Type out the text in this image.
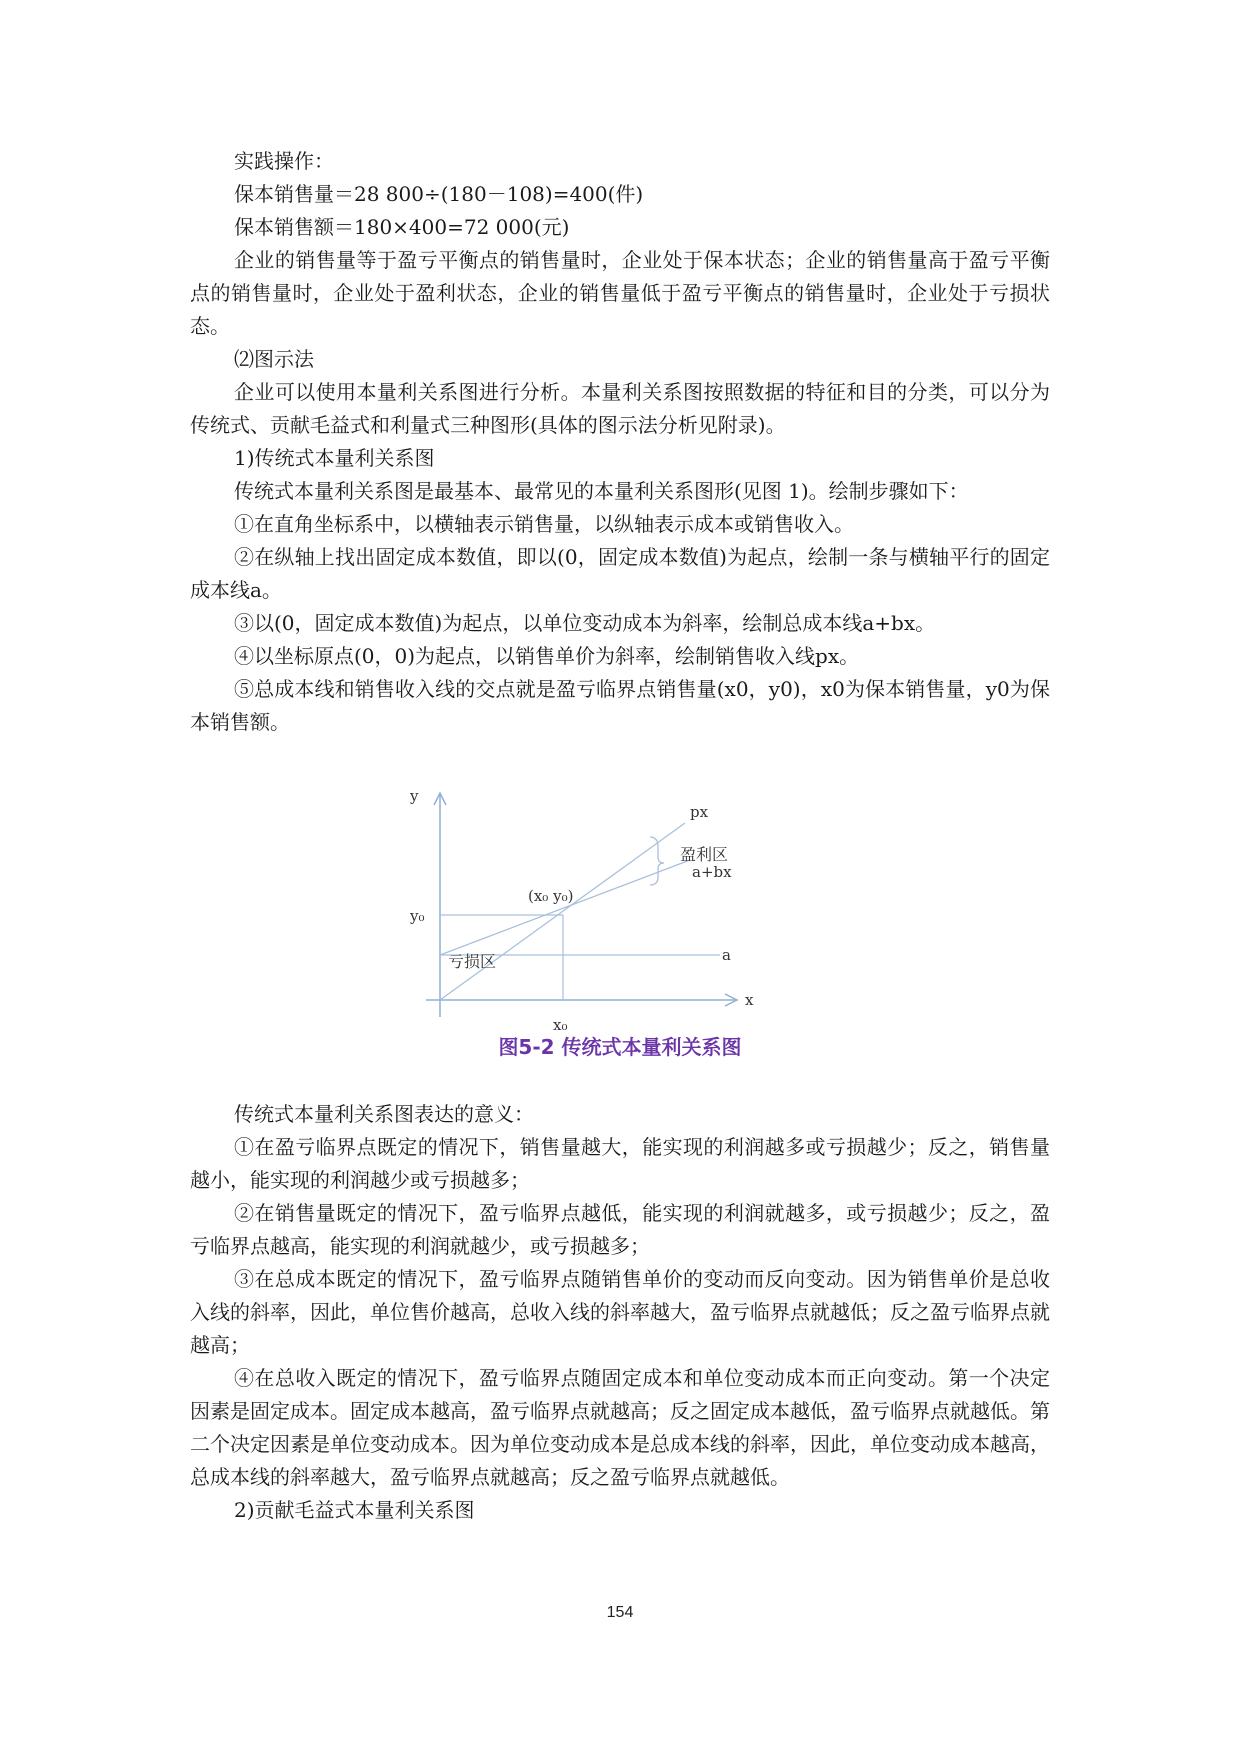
实践操作：

保本销售量＝28 800÷(180－108)=400(件)

保本销售额＝180×400=72 000(元)

企业的销售量等于盈亏平衡点的销售量时，企业处于保本状态；企业的销售量高于盈亏平衡点的销售量时，企业处于盈利状态，企业的销售量低于盈亏平衡点的销售量时，企业处于亏损状态。

⑵图示法

企业可以使用本量利关系图进行分析。本量利关系图按照数据的特征和目的分类，可以分为传统式、贡献毛益式和利量式三种图形(具体的图示法分析见附录)。

1)传统式本量利关系图

传统式本量利关系图是最基本、最常见的本量利关系图形(见图 1)。绘制步骤如下：

①在直角坐标系中，以横轴表示销售量，以纵轴表示成本或销售收入。

②在纵轴上找出固定成本数值，即以(0，固定成本数值)为起点，绘制一条与横轴平行的固定成本线a。

③以(0，固定成本数值)为起点，以单位变动成本为斜率，绘制总成本线a+bx。

④以坐标原点(0，0)为起点，以销售单价为斜率，绘制销售收入线px。

⑤总成本线和销售收入线的交点就是盈亏临界点销售量(x0，y0)，x0为保本销售量，y0为保本销售额。

y
x
y₀
x₀
(x₀ y₀)
px
盈利区
a+bx
a
亏损区
图5-2 传统式本量利关系图

传统式本量利关系图表达的意义：

①在盈亏临界点既定的情况下，销售量越大，能实现的利润越多或亏损越少；反之，销售量越小，能实现的利润越少或亏损越多；

②在销售量既定的情况下，盈亏临界点越低，能实现的利润就越多，或亏损越少；反之，盈亏临界点越高，能实现的利润就越少，或亏损越多；

③在总成本既定的情况下，盈亏临界点随销售单价的变动而反向变动。因为销售单价是总收入线的斜率，因此，单位售价越高，总收入线的斜率越大，盈亏临界点就越低；反之盈亏临界点就越高；

④在总收入既定的情况下，盈亏临界点随固定成本和单位变动成本而正向变动。第一个决定因素是固定成本。固定成本越高，盈亏临界点就越高；反之固定成本越低，盈亏临界点就越低。第二个决定因素是单位变动成本。因为单位变动成本是总成本线的斜率，因此，单位变动成本越高，总成本线的斜率越大，盈亏临界点就越高；反之盈亏临界点就越低。

2)贡献毛益式本量利关系图

154
